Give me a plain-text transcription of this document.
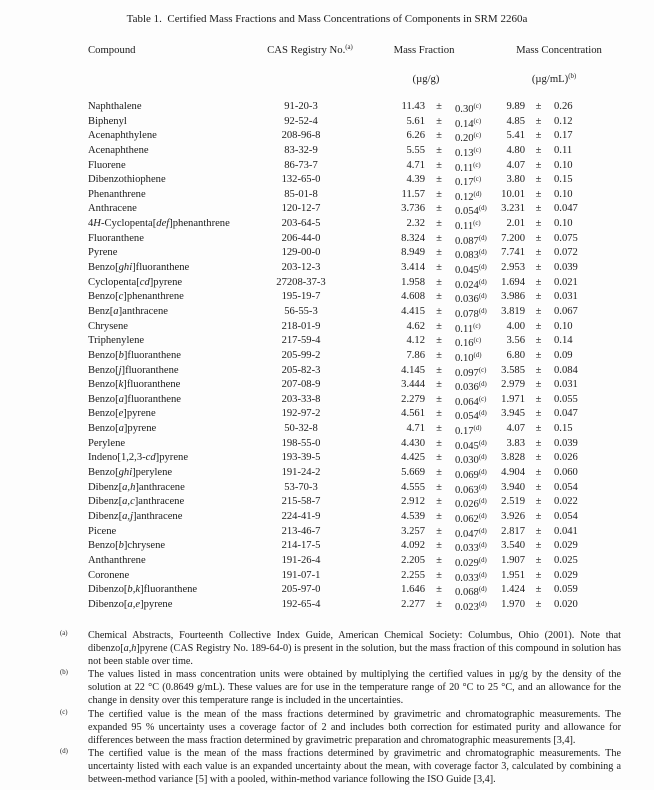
Table 1.  Certified Mass Fractions and Mass Concentrations of Components in SRM 2260a
Compound	CAS Registry No.$^{(a)}$	Mass Fraction	Mass Concentration
(µg/g)	(µg/mL)$^{(b)}$
Naphthalene	91-20-3	11.43	±	0.30$^{(c)}$	9.89 ±	0.26
Biphenyl	92-52-4	5.61	±	0.14$^{(c)}$	4.85 ±	0.12
Acenaphthylene	208-96-8	6.26	±	0.20$^{(c)}$	5.41 ±	0.17
Acenaphthene	83-32-9	5.55	±	0.13$^{(c)}$	4.80 ±	0.11
Fluorene	86-73-7	4.71	±	0.11$^{(c)}$	4.07 ±	0.10
Dibenzothiophene	132-65-0	4.39	±	0.17$^{(c)}$	3.80 ±	0.15
Phenanthrene	85-01-8	11.57	±	0.12$^{(d)}$	10.01 ±	0.10
Anthracene	120-12-7	3.736	±	0.054$^{(d)}$	3.231 ±	0.047
4H-Cyclopenta[def]phenanthrene	203-64-5	2.32	±	0.11$^{(c)}$	2.01 ±	0.10
Fluoranthene	206-44-0	8.324	±	0.087$^{(d)}$	7.200 ±	0.075
Pyrene	129-00-0	8.949	±	0.083$^{(d)}$	7.741 ±	0.072
Benzo[ghi]fluoranthene	203-12-3	3.414	±	0.045$^{(d)}$	2.953 ±	0.039
Cyclopenta[cd]pyrene	27208-37-3	1.958	±	0.024$^{(d)}$	1.694 ±	0.021
Benzo[c]phenanthrene	195-19-7	4.608	±	0.036$^{(d)}$	3.986 ±	0.031
Benz[a]anthracene	56-55-3	4.415	±	0.078$^{(d)}$	3.819 ±	0.067
Chrysene	218-01-9	4.62	±	0.11$^{(c)}$	4.00 ±	0.10
Triphenylene	217-59-4	4.12	±	0.16$^{(c)}$	3.56 ±	0.14
Benzo[b]fluoranthene	205-99-2	7.86	±	0.10$^{(d)}$	6.80 ±	0.09
Benzo[j]fluoranthene	205-82-3	4.145	±	0.097$^{(c)}$	3.585 ±	0.084
Benzo[k]fluoranthene	207-08-9	3.444	±	0.036$^{(d)}$	2.979 ±	0.031
Benzo[a]fluoranthene	203-33-8	2.279	±	0.064$^{(c)}$	1.971 ±	0.055
Benzo[e]pyrene	192-97-2	4.561	±	0.054$^{(d)}$	3.945 ±	0.047
Benzo[a]pyrene	50-32-8	4.71	±	0.17$^{(d)}$	4.07 ±	0.15
Perylene	198-55-0	4.430	±	0.045$^{(d)}$	3.83 ±	0.039
Indeno[1,2,3-cd]pyrene	193-39-5	4.425	±	0.030$^{(d)}$	3.828 ±	0.026
Benzo[ghi]perylene	191-24-2	5.669	±	0.069$^{(d)}$	4.904 ±	0.060
Dibenz[a,h]anthracene	53-70-3	4.555	±	0.063$^{(d)}$	3.940 ±	0.054
Dibenz[a,c]anthracene	215-58-7	2.912	±	0.026$^{(d)}$	2.519 ±	0.022
Dibenz[a,j]anthracene	224-41-9	4.539	±	0.062$^{(d)}$	3.926 ±	0.054
Picene	213-46-7	3.257	±	0.047$^{(d)}$	2.817 ±	0.041
Benzo[b]chrysene	214-17-5	4.092	±	0.033$^{(d)}$	3.540 ±	0.029
Anthanthrene	191-26-4	2.205	±	0.029$^{(d)}$	1.907 ±	0.025
Coronene	191-07-1	2.255	±	0.033$^{(d)}$	1.951 ±	0.029
Dibenzo[b,k]fluoranthene	205-97-0	1.646	±	0.068$^{(d)}$	1.424 ±	0.059
Dibenzo[a,e]pyrene	192-65-4	2.277	±	0.023$^{(d)}$	1.970 ±	0.020
(a) Chemical Abstracts, Fourteenth Collective Index Guide, American Chemical Society: Columbus, Ohio (2001). Note that dibenzo[a,h]pyrene (CAS Registry No. 189-64-0) is present in the solution, but the mass fraction of this compound in solution has not been stable over time.
(b) The values listed in mass concentration units were obtained by multiplying the certified values in µg/g by the density of the solution at 22 °C (0.8649 g/mL). These values are for use in the temperature range of 20 °C to 25 °C, and an allowance for the change in density over this temperature range is included in the uncertainties.
(c) The certified value is the mean of the mass fractions determined by gravimetric and chromatographic measurements. The expanded 95 % uncertainty uses a coverage factor of 2 and includes both correction for estimated purity and allowance for differences between the mass fraction determined by gravimetric preparation and chromatographic measurements [3,4].
(d) The certified value is the mean of the mass fractions determined by gravimetric and chromatographic measurements. The uncertainty listed with each value is an expanded uncertainty about the mean, with coverage factor 3, calculated by combining a between-method variance [5] with a pooled, within-method variance following the ISO Guide [3,4].
